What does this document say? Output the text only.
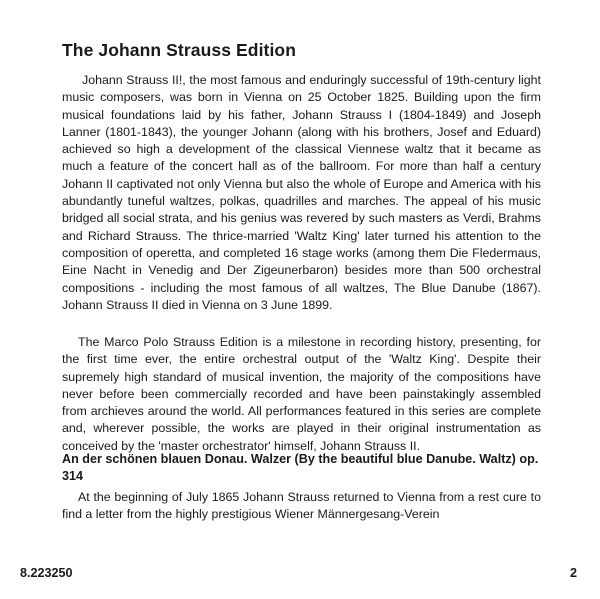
The Johann Strauss Edition

Johann Strauss II!, the most famous and enduringly successful of 19th-century light music composers, was born in Vienna on 25 October 1825. Building upon the firm musical foundations laid by his father, Johann Strauss I (1804-1849) and Joseph Lanner (1801-1843), the younger Johann (along with his brothers, Josef and Eduard) achieved so high a development of the classical Viennese waltz that it became as much a feature of the concert hall as of the ballroom. For more than half a century Johann II captivated not only Vienna but also the whole of Europe and America with his abundantly tuneful waltzes, polkas, quadrilles and marches. The appeal of his music bridged all social strata, and his genius was revered by such masters as Verdi, Brahms and Richard Strauss. The thrice-married 'Waltz King' later turned his attention to the composition of operetta, and completed 16 stage works (among them Die Fledermaus, Eine Nacht in Venedig and Der Zigeunerbaron) besides more than 500 orchestral compositions - including the most famous of all waltzes, The Blue Danube (1867). Johann Strauss II died in Vienna on 3 June 1899.

The Marco Polo Strauss Edition is a milestone in recording history, presenting, for the first time ever, the entire orchestral output of the 'Waltz King'. Despite their supremely high standard of musical invention, the majority of the compositions have never before been commercially recorded and have been painstakingly assembled from archieves around the world. All performances featured in this series are complete and, wherever possible, the works are played in their original instrumentation as conceived by the 'master orchestrator' himself, Johann Strauss II.

An der schönen blauen Donau. Walzer (By the beautiful blue Danube. Waltz) op. 314

At the beginning of July 1865 Johann Strauss returned to Vienna from a rest cure to find a letter from the highly prestigious Wiener Männergesang-Verein

8.223250	2
